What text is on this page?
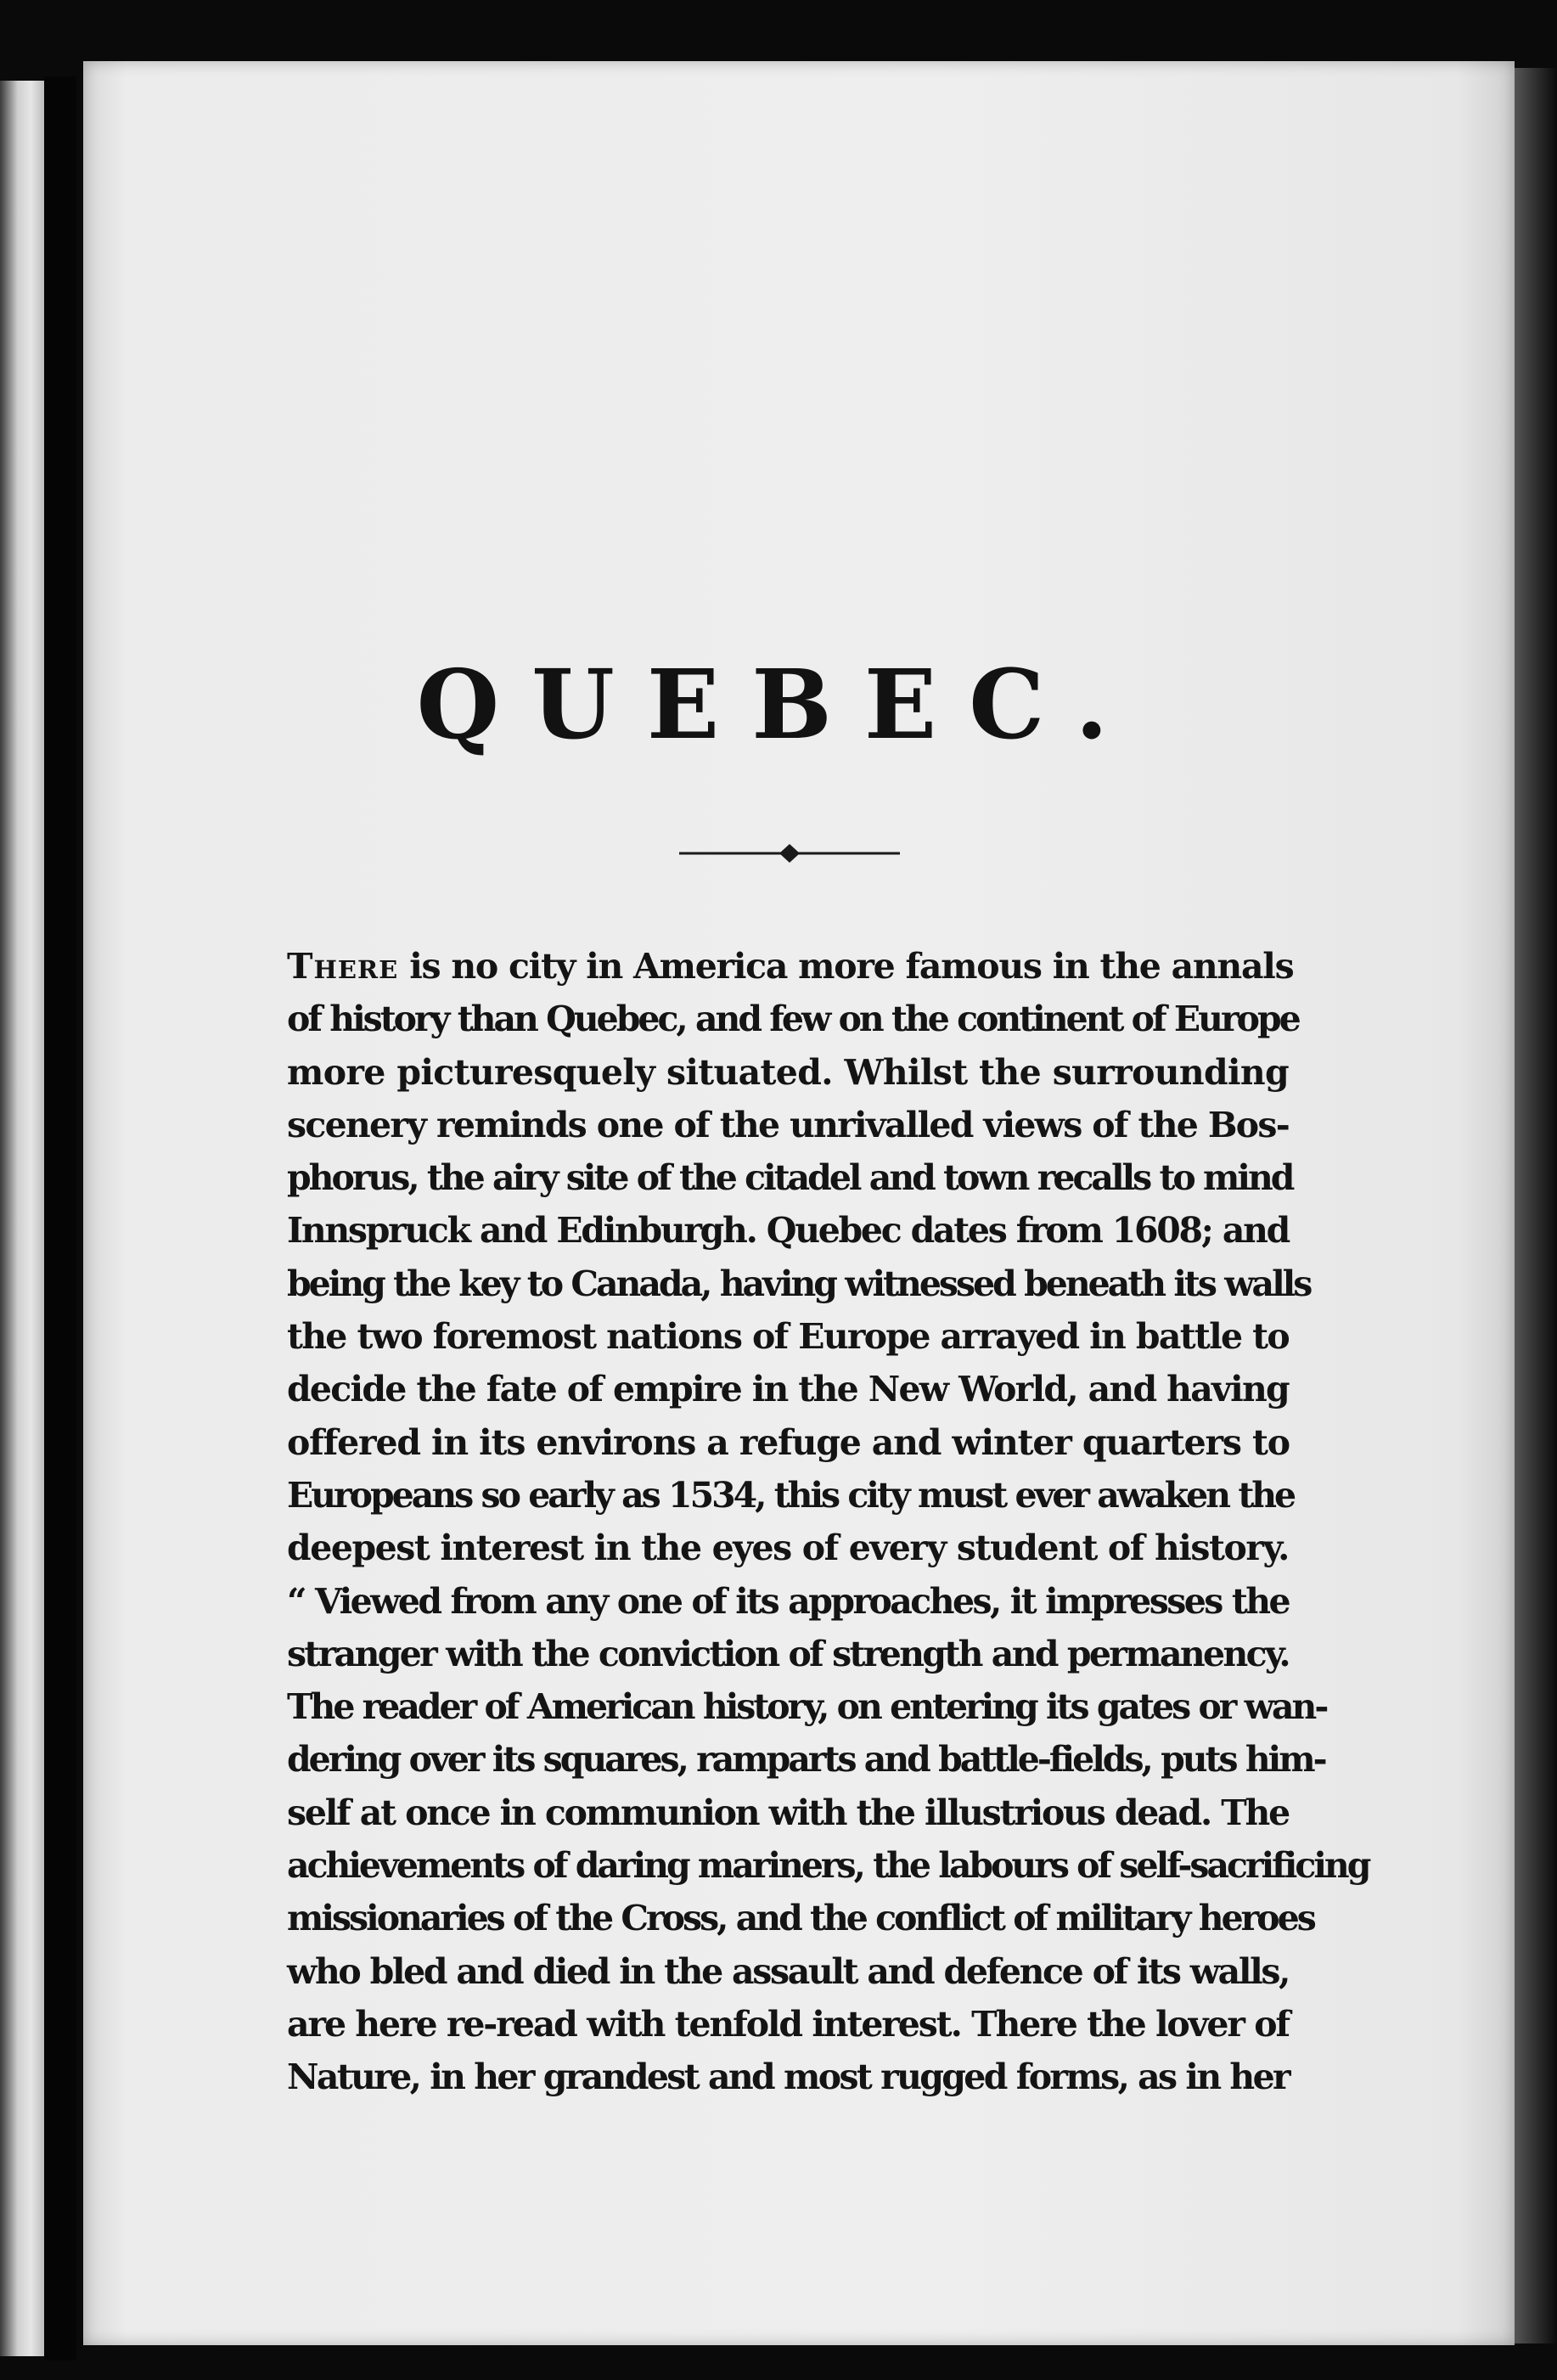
QUEBEC.
There is no city in America more famous in the annals
of history than Quebec, and few on the continent of Europe
more picturesquely situated. Whilst the surrounding
scenery reminds one of the unrivalled views of the Bos-
phorus, the airy site of the citadel and town recalls to mind
Innspruck and Edinburgh. Quebec dates from 1608; and
being the key to Canada, having witnessed beneath its walls
the two foremost nations of Europe arrayed in battle to
decide the fate of empire in the New World, and having
offered in its environs a refuge and winter quarters to
Europeans so early as 1534, this city must ever awaken the
deepest interest in the eyes of every student of history.
“ Viewed from any one of its approaches, it impresses the
stranger with the conviction of strength and permanency.
The reader of American history, on entering its gates or wan-
dering over its squares, ramparts and battle-fields, puts him-
self at once in communion with the illustrious dead. The
achievements of daring mariners, the labours of self-sacrificing
missionaries of the Cross, and the conflict of military heroes
who bled and died in the assault and defence of its walls,
are here re-read with tenfold interest. There the lover of
Nature, in her grandest and most rugged forms, as in her
